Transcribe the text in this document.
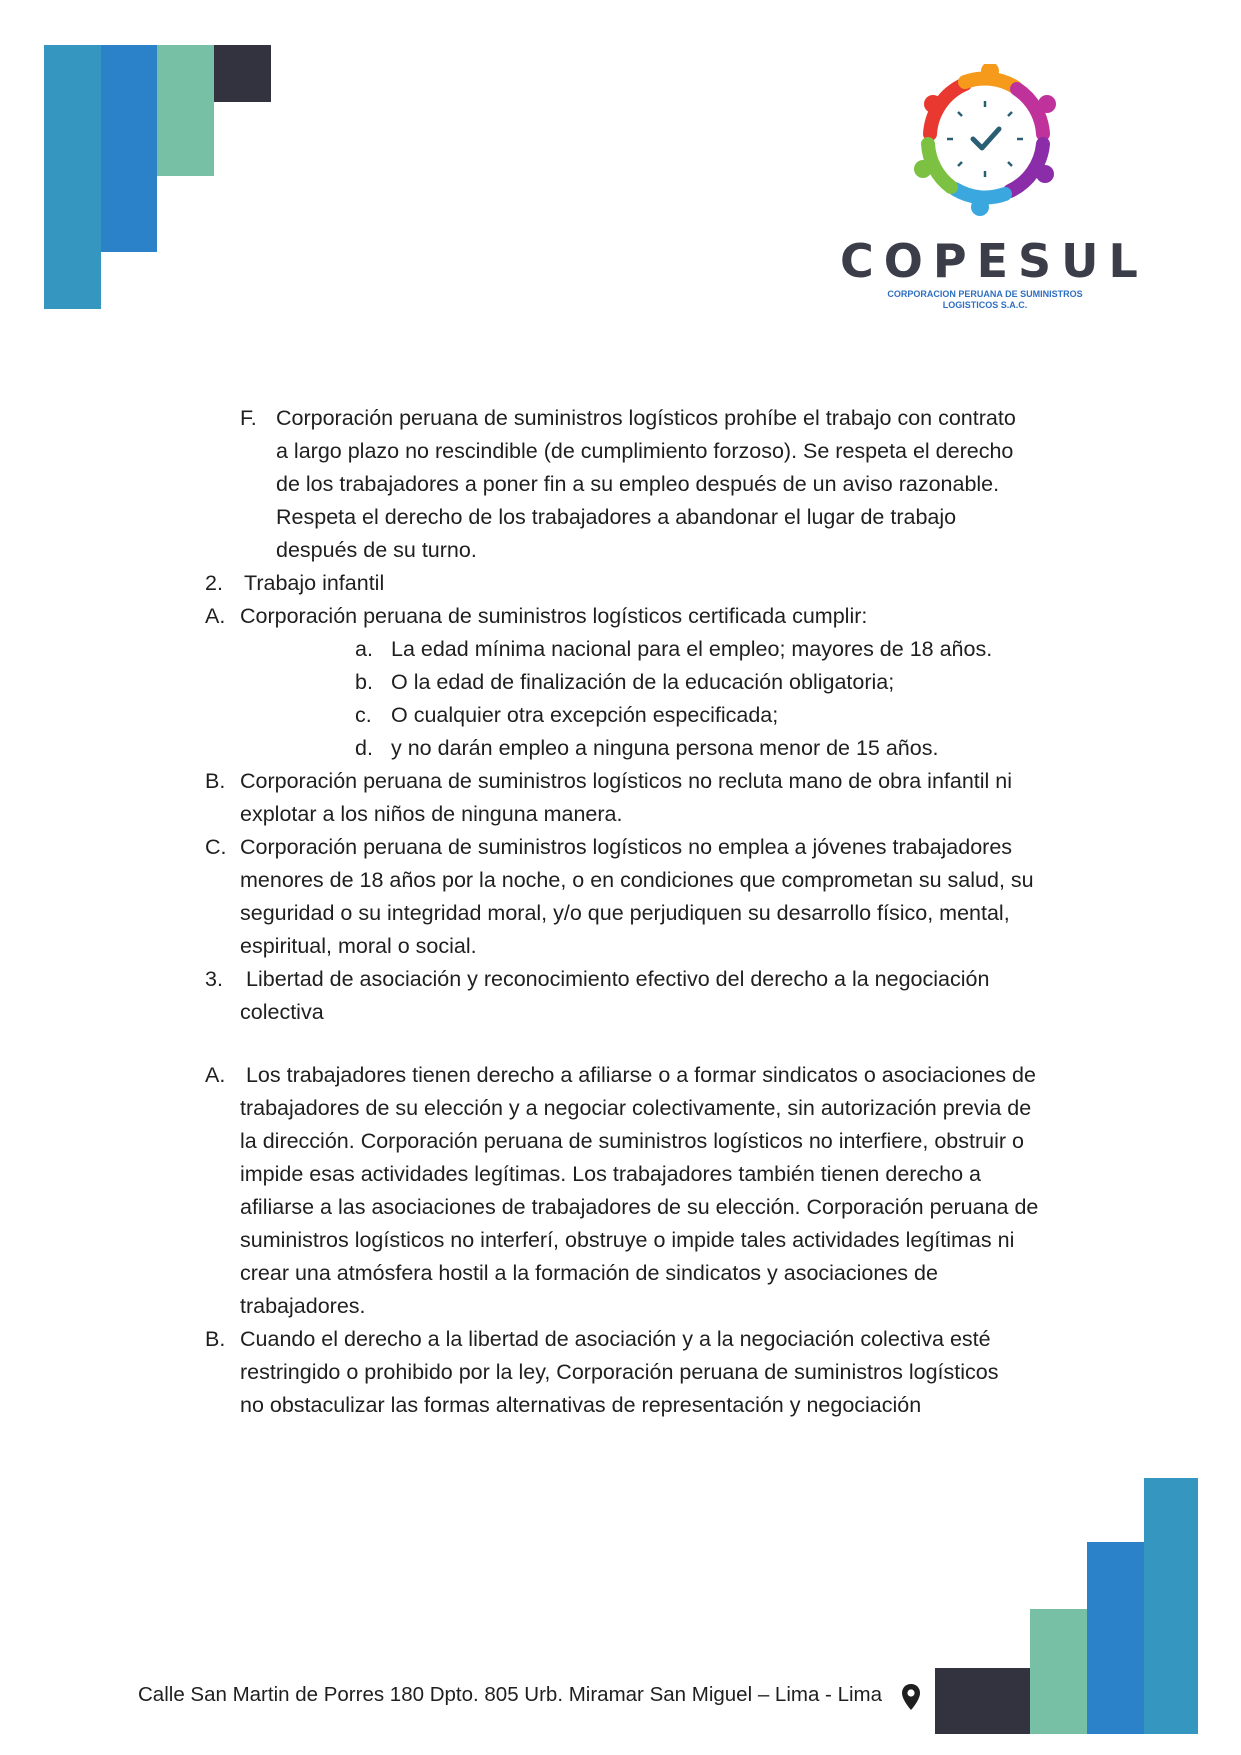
COPESUL
CORPORACION PERUANA DE SUMINISTROS
LOGISTICOS S.A.C.
F. Corporación peruana de suministros logísticos prohíbe el trabajo con contrato
a largo plazo no rescindible (de cumplimiento forzoso). Se respeta el derecho
de los trabajadores a poner fin a su empleo después de un aviso razonable.
Respeta el derecho de los trabajadores a abandonar el lugar de trabajo
después de su turno.
2. Trabajo infantil
A. Corporación peruana de suministros logísticos certificada cumplir:
a. La edad mínima nacional para el empleo; mayores de 18 años.
b. O la edad de finalización de la educación obligatoria;
c. O cualquier otra excepción especificada;
d. y no darán empleo a ninguna persona menor de 15 años.
B. Corporación peruana de suministros logísticos no recluta mano de obra infantil ni
explotar a los niños de ninguna manera.
C. Corporación peruana de suministros logísticos no emplea a jóvenes trabajadores
menores de 18 años por la noche, o en condiciones que comprometan su salud, su
seguridad o su integridad moral, y/o que perjudiquen su desarrollo físico, mental,
espiritual, moral o social.
3. Libertad de asociación y reconocimiento efectivo del derecho a la negociación
colectiva
A. Los trabajadores tienen derecho a afiliarse o a formar sindicatos o asociaciones de
trabajadores de su elección y a negociar colectivamente, sin autorización previa de
la dirección. Corporación peruana de suministros logísticos no interfiere, obstruir o
impide esas actividades legítimas. Los trabajadores también tienen derecho a
afiliarse a las asociaciones de trabajadores de su elección. Corporación peruana de
suministros logísticos no interferí, obstruye o impide tales actividades legítimas ni
crear una atmósfera hostil a la formación de sindicatos y asociaciones de
trabajadores.
B. Cuando el derecho a la libertad de asociación y a la negociación colectiva esté
restringido o prohibido por la ley, Corporación peruana de suministros logísticos
no obstaculizar las formas alternativas de representación y negociación
Calle San Martin de Porres 180 Dpto. 805 Urb. Miramar San Miguel – Lima - Lima
